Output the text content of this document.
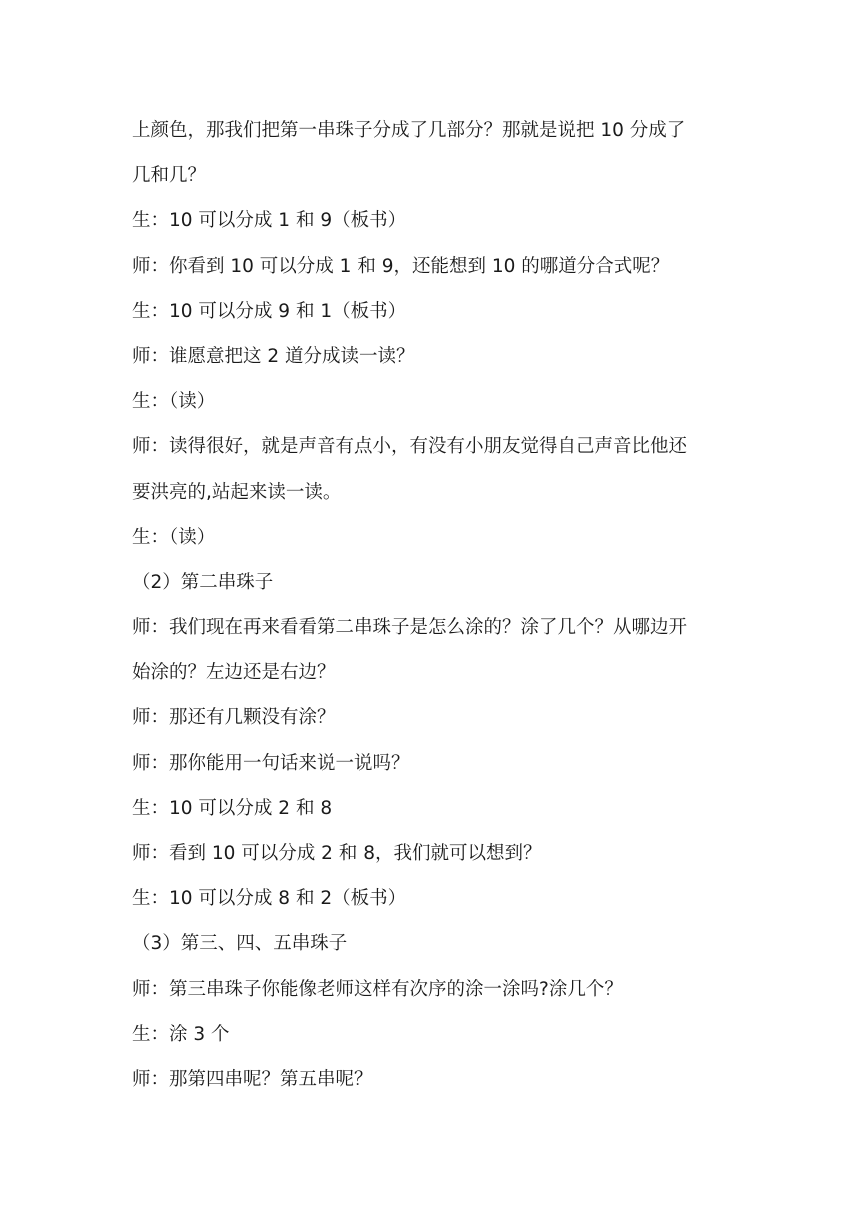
上颜色，那我们把第一串珠子分成了几部分？那就是说把 10 分成了
几和几？
生：10 可以分成 1 和 9（板书）
师：你看到 10 可以分成 1 和 9，还能想到 10 的哪道分合式呢？
生：10 可以分成 9 和 1（板书）
师：谁愿意把这 2 道分成读一读？
生：（读）
师：读得很好，就是声音有点小，有没有小朋友觉得自己声音比他还
要洪亮的,站起来读一读。
生：（读）
（2）第二串珠子
师：我们现在再来看看第二串珠子是怎么涂的？涂了几个？从哪边开
始涂的？左边还是右边？
师：那还有几颗没有涂？
师：那你能用一句话来说一说吗？
生：10 可以分成 2 和 8
师：看到 10 可以分成 2 和 8，我们就可以想到？
生：10 可以分成 8 和 2（板书）
（3）第三、四、五串珠子
师：第三串珠子你能像老师这样有次序的涂一涂吗?涂几个？
生：涂 3 个
师：那第四串呢？第五串呢？
